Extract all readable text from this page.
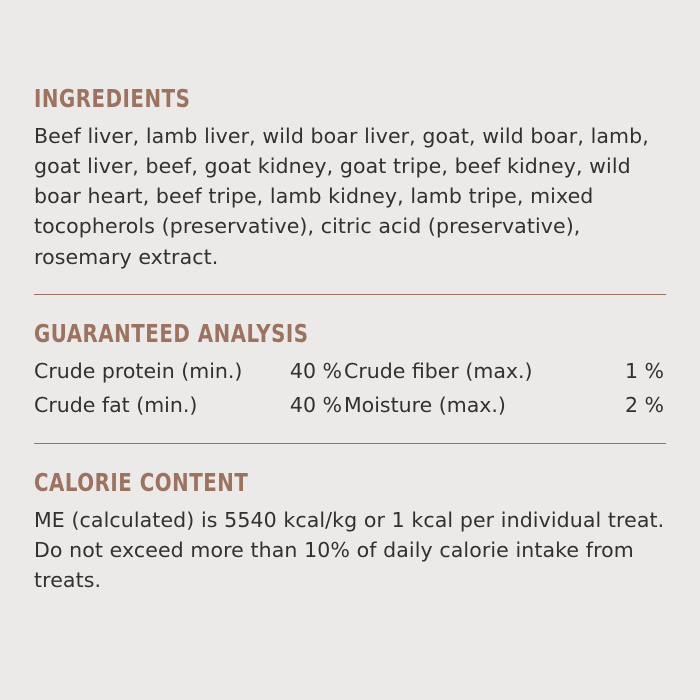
INGREDIENTS

Beef liver, lamb liver, wild boar liver, goat, wild boar, lamb, goat liver, beef, goat kidney, goat tripe, beef kidney, wild boar heart, beef tripe, lamb kidney, lamb tripe, mixed tocopherols (preservative), citric acid (preservative), rosemary extract.

GUARANTEED ANALYSIS
Crude protein (min.)	40 % Crude fiber (max.)	1 %
Crude fat (min.)	40 % Moisture (max.)	2 %
CALORIE CONTENT

ME (calculated) is 5540 kcal/kg or 1 kcal per individual treat. Do not exceed more than 10% of daily calorie intake from treats.
